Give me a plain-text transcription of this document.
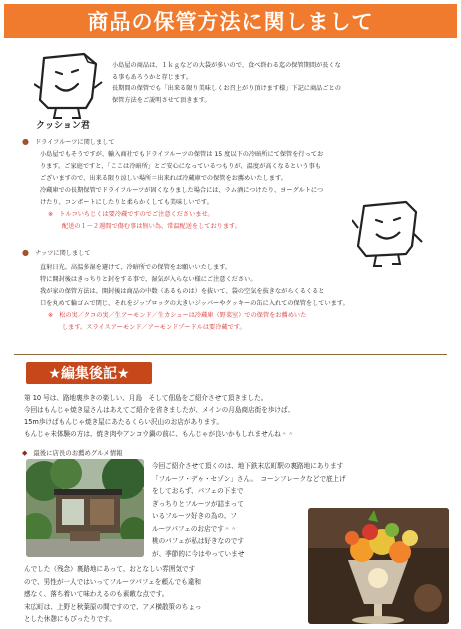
商品の保管方法に関しまして

小島屋の商品は、１ｋｇなどの大袋が多いので、食べ終わる迄の保管期間が長くな

る事もあろうかと存じます。

長期間の保管でも「出来る限り美味しくお召上がり頂けます様」下記に商品ごとの

保管方法をご説明させて頂きます。

クッション君
● ドライフルーツに関しまして

小島屋でもそうですが、輸入商社でもドライフルーツの保管は 15 度以下の冷暗所にて保管を行ってお

ります。ご家庭ですと、「ここは冷暗所」とご安心になっているつもりが、温度が高くなるという事も

ございますので、出来る限り涼しい場所＝出来れば冷蔵庫での保管をお薦めいたします。

冷蔵庫での長期保管でドライフルーツが固くなりました場合には、ラム酒につけたり、ヨーグルトにつ

けたり、コンポートにしたりと柔らかくしても美味しいです。

※ トルコいちじくは要冷蔵ですのでご注意くださいませ。

配送の１～２週間で傷む事は無い為、常温配送をしております。

● ナッツに関しまして

直射日光、高温多湿を避けて、冷暗所での保管をお願いいたします。

特に開封後はきっちりと封をする事で、湿気が入らない様にご注意ください。

我が家の保管方法は、開封後は商品の中数（あるものは）を抜いて、袋の空気を抜きながらくるくると

口を丸めて輪ゴムで閉じ、それをジップロックの大きいジッパーやクッキーの缶に入れての保管をしています。

※ 松の実／クコの実／生アーモンド／生カシューは冷蔵庫（野菜室）での保管をお薦めいた

します。スライスアーモンド／アーモンドプードルは要冷蔵です。

★編集後記★

第 10 号は、路地裏歩きの楽しい、月島　そして佃島をご紹介させて頂きました。

今回はもんじゃ焼き屋さんはあえてご紹介を省きましたが、メインの月島商店街を歩けば、

15m歩けばもんじゃ焼き屋にあたるくらい沢山のお店があります。

もんじゃ未体験の方は、焼き肉やアンコウ鍋の前に、もんじゃが良いかもしれませんね＾＾

◆ 最後に店長のお薦めグルメ情報

今回ご紹介させて頂くのは、地下鉄末広町駅の裏路地にあります

「フルーフ・デゥ・セゾン」さん。　コーンフレークなどで底上げ

をしておらず、パフェの下まで

ぎっちりとフルーツが詰まって

いるフルーツ好きの為の、フ

ルーツパフェのお店です＾＾

桃のパフェが私は好きなのです

が、季節的に今はやっていませ

んでした（残念）裏路地にあって、おとなしい雰囲気です

ので、男性が一人ではいってフルーツパフェを頼んでも違和

感なく、落ち着いて味わえるのも素敵な点です。

末広町は、上野と秋葉原の間ですので、アメ横散策のちょっ

とした休憩にもぴったりです。
